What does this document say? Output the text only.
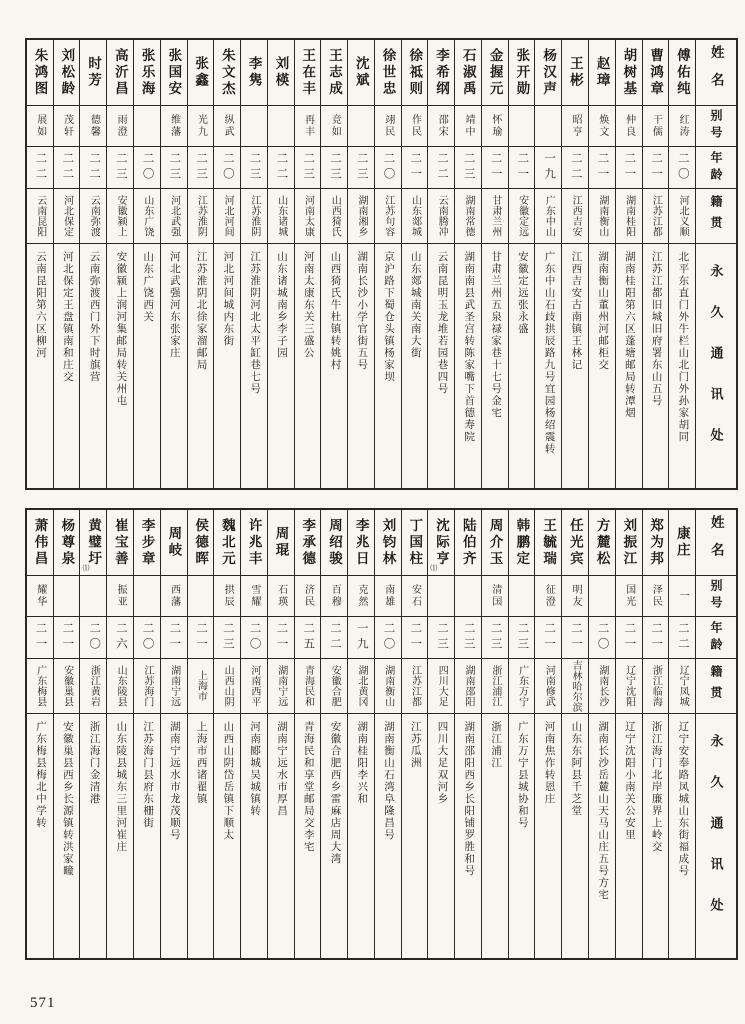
姓名
别号
年龄
籍贯
永久通讯处
傅佑纯
红涛
二〇
河北义顺
北平东直门外牛栏山北门外孙家胡同
曹鸿章
干儒
二一
江苏江都
江苏江都旧城旧府署东山五号
胡树基
仲良
二一
湖南桂阳
湖南桂阳第六区蓬塘邮局转潭烟
赵璋
焕文
二一
湖南衡山
湖南衡山董州河邮柜交
王彬
昭亨
二二
江西吉安
江西吉安古南镇王林记
杨汉声
一九
广东中山
广东中山石歧拱辰路九号宜园杨绍震转
张开勋
二一
安徽定远
安徽定远张永盛
金握元
怀瑜
二一
甘肃兰州
甘肃兰州五泉禄家巷十七号金宅
石淑禹
靖中
二三
湖南常德
湖南南县武圣宫转陈家嘴下首德寿院
李希纲
邵宋
二二
云南腾冲
云南昆明玉龙堆若园巷四号
徐祗则
作民
二一
山东郯城
山东郯城南关南大街
徐世忠
翊民
二〇
江苏句容
京沪路下蜀仓头镇杨家坝
沈斌
二三
湖南湘乡
湖南长沙小学官街五号
王志成
竞如
二三
山西猗氏
山西猗氏牛杜镇转姚村
王在丰
再丰
二三
河南太康
河南太康东关三盛公
刘楧
二二
山东诸城
山东诸城南乡李子园
李隽
二三
江苏淮阴
江苏淮阴河北太平缸巷七号
朱文杰
纵武
二〇
河北河间
河北河间城内东街
张鑫
光九
二三
江苏淮阴
江苏淮阴北徐家溜邮局
张国安
维藩
二三
河北武强
河北武强河东张家庄
张乐海
二〇
山东广饶
山东广饶西关
高沂昌
雨澄
二三
安徽颍上
安徽颍上润河集邮局转关州屯
时芳
德馨
二二
云南弥渡
云南弥渡西门外下时旗营
刘松龄
茂轩
二二
河北保定
河北保定王盘镇南和庄交
朱鸿图
展如
二二
云南昆阳
云南昆阳第六区柳河
姓名
别号
年龄
籍贯
永久通讯处
康庄
一
二二
辽宁凤城
辽宁安奉路凤城山东街福成号
郑为邦
泽民
二一
浙江临海
浙江海门北岸廉界上岭交
刘振江
国光
二一
辽宁沈阳
辽宁沈阳小南关公安里
方麓松
二〇
湖南长沙
湖南长沙岳麓山天马山庄五号方宅
任光宾
明友
二一
吉林哈尔滨
山东东阿县千芝堂
王毓瑞
征澄
二一
河南修武
河南焦作转恩庄
韩鹏定
二三
广东万宁
广东万宁县城协和号
周介玉
清国
二三
浙江浦江
浙江浦江
陆伯齐
二三
湖南邵阳
湖南邵阳西乡长阳铺罗胜和号
沈际亨
⑴
二三
四川大足
四川大足双河乡
丁国柱
安石
二一
江苏江都
江苏瓜洲
刘钧林
南雄
二〇
湖南衡山
湖南衡山石湾阜隆昌号
李兆日
克然
一九
湖北黄冈
湖南桂阳李兴和
周绍骏
百穆
二二
安徽合肥
安徽合肥西乡雷麻店周大湾
李承德
济民
二五
青海民和
青海民和享堂邮局交李宅
周琨
石瑛
二一
湖南宁远
湖南宁远水市厚昌
许兆丰
雪耀
二〇
河南西平
河南郾城吴城镇转
魏北元
拱辰
二三
山西山阴
山西山阴岱岳镇下顺太
侯德晖
二一
上海市
上海市西诸翟镇
周岐
西藩
二一
湖南宁远
湖南宁远水市龙茂顺号
李步章
二〇
江苏海门
江苏海门县府东栅街
崔宝善
振亚
二六
山东陵县
山东陵县城东三里河崔庄
黄璧圩
⑴
二〇
浙江黄岩
浙江海门金清港
杨尊泉
二一
安徽巢县
安徽巢县西乡长源镇转洪家疃
萧伟昌
耀华
二一
广东梅县
广东梅县梅北中学转
571
